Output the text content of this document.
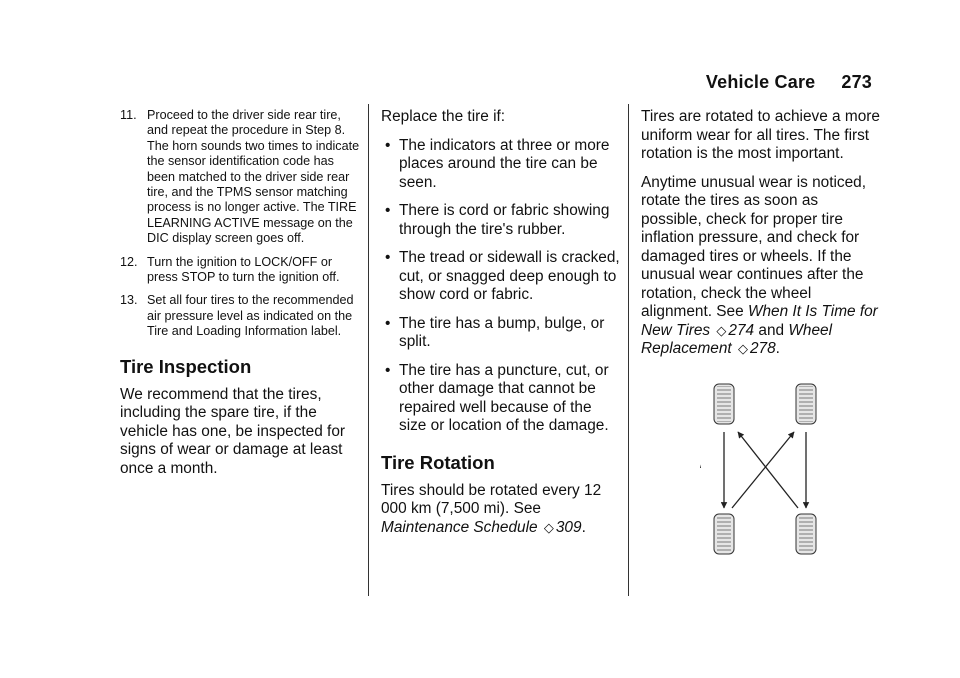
Vehicle Care 273
11. Proceed to the driver side rear tire, and repeat the procedure in Step 8. The horn sounds two times to indicate the sensor identification code has been matched to the driver side rear tire, and the TPMS sensor matching process is no longer active. The TIRE LEARNING ACTIVE message on the DIC display screen goes off.
12. Turn the ignition to LOCK/OFF or press STOP to turn the ignition off.
13. Set all four tires to the recommended air pressure level as indicated on the Tire and Loading Information label.
Tire Inspection
We recommend that the tires, including the spare tire, if the vehicle has one, be inspected for signs of wear or damage at least once a month.
Replace the tire if:
• The indicators at three or more places around the tire can be seen.
• There is cord or fabric showing through the tire's rubber.
• The tread or sidewall is cracked, cut, or snagged deep enough to show cord or fabric.
• The tire has a bump, bulge, or split.
• The tire has a puncture, cut, or other damage that cannot be repaired well because of the size or location of the damage.
Tire Rotation
Tires should be rotated every 12 000 km (7,500 mi). See Maintenance Schedule ◇ 309.
Tires are rotated to achieve a more uniform wear for all tires. The first rotation is the most important.
Anytime unusual wear is noticed, rotate the tires as soon as possible, check for proper tire inflation pressure, and check for damaged tires or wheels. If the unusual wear continues after the rotation, check the wheel alignment. See When It Is Time for New Tires ◇ 274 and Wheel Replacement ◇ 278.
